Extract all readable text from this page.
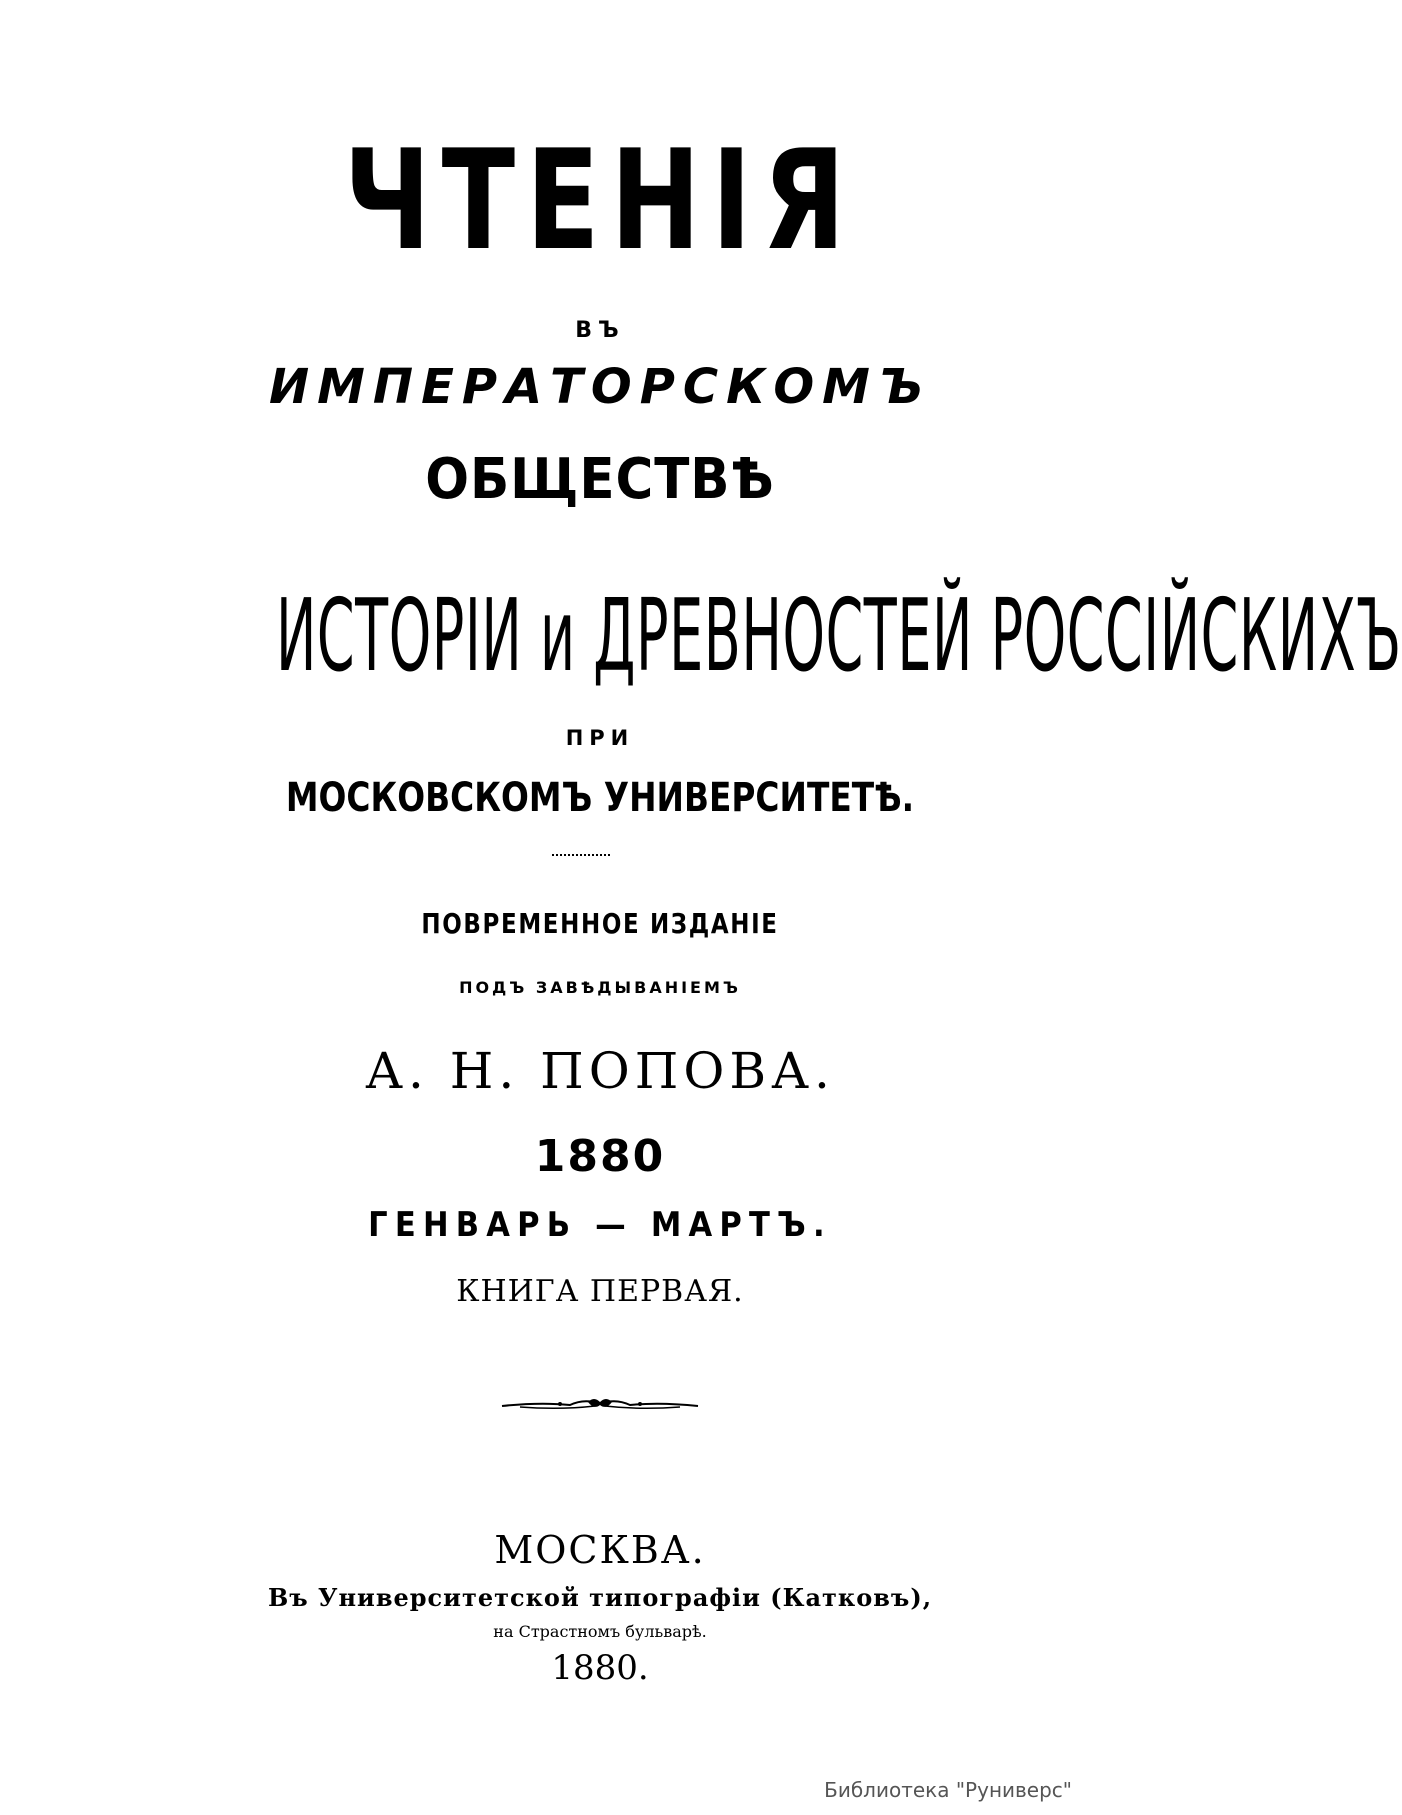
ЧТЕНІЯ
ВЪ
ИМПЕРАТОРСКОМЪ
ОБЩЕСТВѢ
ИСТОРІИ и ДРЕВНОСТЕЙ РОССІЙСКИХЪ
ПРИ
МОСКОВСКОМЪ УНИВЕРСИТЕТѢ.
ПОВРЕМЕННОЕ ИЗДАНІЕ
ПОДЪ ЗАВѢДЫВАНІЕМЪ
А. Н. ПОПОВА.
1880
ГЕНВАРЬ — МАРТЪ.
КНИГА ПЕРВАЯ.
МОСКВА.
Въ Университетской типографіи (Катковъ),
на Страстномъ бульварѣ.
1880.
Библиотека "Руниверс"
